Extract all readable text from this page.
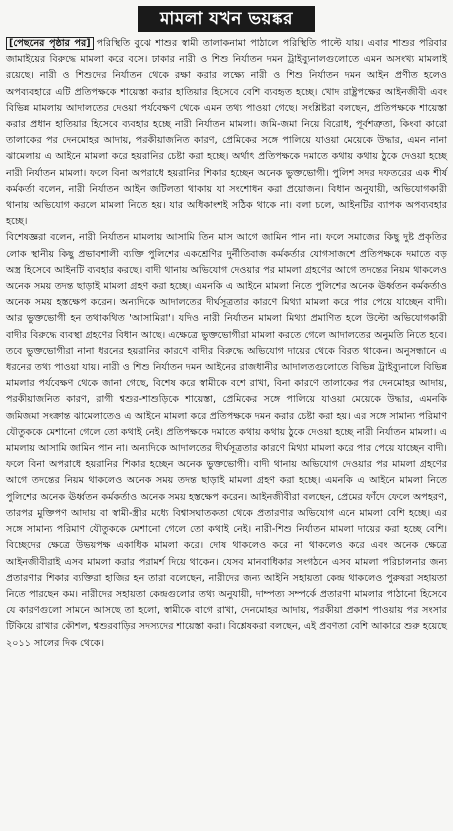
মামলা যখন ভয়ঙ্কর

[পেছনের পৃষ্ঠার পর] পরিস্থিতি বুঝে শাশুর স্বামী তালাকনামা পাঠালে পরিস্থিতি পাল্টে যায়। এবার শাশুর পরিবার জামাইয়ের বিরুদ্ধে মামলা করে বসে। ঢাকার নারী ও শিশু নির্যাতন দমন ট্রাইব্যুনালগুলোতে এমন অসংখ্য মামলাই রয়েছে। নারী ও শিশুদের নির্যাতন থেকে রক্ষা করার লক্ষ্যে নারী ও শিশু নির্যাতন দমন আইন প্রণীত হলেও অপব্যবহারে এটি প্রতিপক্ষকে শায়েস্তা করার হাতিয়ার হিসেবে বেশি ব্যবহৃত হচ্ছে। খোদ রাষ্ট্রপক্ষের আইনজীবী এবং বিভিন্ন মামলায় আদালতের দেওয়া পর্যবেক্ষণ থেকে এমন তথ্য পাওয়া গেছে। সংশ্লিষ্টরা বলছেন, প্রতিপক্ষকে শায়েস্তা করার প্রধান হাতিয়ার হিসেবে ব্যবহার হচ্ছে নারী নির্যাতন মামলা। জমি-জমা নিয়ে বিরোধ, পূর্বশত্রুতা, কিংবা কারো তালাকের পর দেনমোহর আদায়, পরকীয়াজনিত কারণ, প্রেমিকের সঙ্গে পালিয়ে যাওয়া মেয়েকে উদ্ধার, এমন নানা ঝামেলায় এ আইনে মামলা করে হয়রানির চেষ্টা করা হচ্ছে। অর্থাৎ প্রতিপক্ষকে দমাতে কথায় কথায় ঠুকে দেওয়া হচ্ছে নারী নির্যাতন মামলা। ফলে বিনা অপরাধে হয়রানির শিকার হচ্ছেন অনেক ভুক্তভোগী। পুলিশ সদর দফতরের এক শীর্ষ কর্মকর্তা বলেন, নারী নির্যাতন আইন জটিলতা থাকায় যা সংশোধন করা প্রয়োজন। বিধান অনুযায়ী, অভিযোগকারী থানায় অভিযোগ করলে মামলা নিতে হয়। যার অধিকাংশই সঠিক থাকে না। বলা চলে, আইনটির ব্যাপক অপব্যবহার হচ্ছে।

বিশেষজ্ঞরা বলেন, নারী নির্যাতন মামলায় আসামি তিন মাস আগে জামিন পান না। ফলে সমাজের কিছু দুষ্ট প্রকৃতির লোক স্থানীয় কিছু প্রভাবশালী ব্যক্তি পুলিশের একশ্রেণির দুর্নীতিবাজ কর্মকর্তার যোগসাজশে প্রতিপক্ষকে দমাতে বড় অস্ত্র হিসেবে আইনটি ব্যবহার করছে। বাদী থানায় অভিযোগ দেওয়ার পর মামলা গ্রহণের আগে তদন্তের নিয়ম থাকলেও অনেক সময় তদন্ত ছাড়াই মামলা গ্রহণ করা হচ্ছে। এমনকি এ আইনে মামলা নিতে পুলিশের অনেক ঊর্ধ্বতন কর্মকর্তাও অনেক সময় হস্তক্ষেপ করেন। অন্যদিকে আদালতের দীর্ঘসূত্রতার কারণে মিথ্যা মামলা করে পার পেয়ে যাচ্ছেন বাদী। আর ভুক্তভোগী হন তথাকথিত 'আসামিরা'। যদিও নারী নির্যাতন মামলা মিথ্যা প্রমাণিত হলে উল্টো অভিযোগকারী বাদীর বিরুদ্ধে ব্যবস্থা গ্রহণের বিধান আছে। এক্ষেত্রে ভুক্তভোগীরা মামলা করতে গেলে আদালতের অনুমতি নিতে হবে। তবে ভুক্তভোগীরা নানা ধরনের হয়রানির কারণে বাদীর বিরুদ্ধে অভিযোগ দায়ের থেকে বিরত থাকেন। অনুসন্ধানে এ ধরনের তথ্য পাওয়া যায়। নারী ও শিশু নির্যাতন দমন আইনের রাজধানীর আদালতগুলোতে বিভিন্ন ট্রাইব্যুনালে বিভিন্ন মামলার পর্যবেক্ষণ থেকে জানা গেছে, বিশেষ করে স্বামীকে বশে রাখা, বিনা কারণে তালাকের পর দেনমোহর আদায়, পরকীয়াজনিত কারণ, রাগী শ্বশুর-শাশুড়িকে শায়েস্তা, প্রেমিকের সঙ্গে পালিয়ে যাওয়া মেয়েকে উদ্ধার, এমনকি জমিজমা সংক্রান্ত ঝামেলাতেও এ আইনে মামলা করে প্রতিপক্ষকে দমন করার চেষ্টা করা হয়। এর সঙ্গে সামান্য পরিমাণ যৌতুককে মেশানো গেলে তো কথাই নেই। প্রতিপক্ষকে দমাতে কথায় কথায় ঠুকে দেওয়া হচ্ছে নারী নির্যাতন মামলা। এ মামলায় আসামি জামিন পান না। অন্যদিকে আদালতের দীর্ঘসূত্রতার কারণে মিথ্যা মামলা করে পার পেয়ে যাচ্ছেন বাদী। ফলে বিনা অপরাধে হয়রানির শিকার হচ্ছেন অনেক ভুক্তভোগী। বাদী থানায় অভিযোগ দেওয়ার পর মামলা গ্রহণের আগে তদন্তের নিয়ম থাকলেও অনেক সময় তদন্ত ছাড়াই মামলা গ্রহণ করা হচ্ছে। এমনকি এ আইনে মামলা নিতে পুলিশের অনেক ঊর্ধ্বতন কর্মকর্তাও অনেক সময় হস্তক্ষেপ করেন। আইনজীবীরা বলছেন, প্রেমের ফাঁদে ফেলে অপহরণ, তারপর মুক্তিপণ আদায় বা স্বামী-স্ত্রীর মধ্যে বিশ্বাসঘাতকতা থেকে প্রতারণার অভিযোগ এনে মামলা বেশি হচ্ছে। এর সঙ্গে সামান্য পরিমাণ যৌতুককে মেশানো গেলে তো কথাই নেই। নারী-শিশু নির্যাতন মামলা দায়ের করা হচ্ছে বেশি। বিচ্ছেদের ক্ষেত্রে উভয়পক্ষ একাধিক মামলা করে। দোষ থাকলেও করে না থাকলেও করে এবং অনেক ক্ষেত্রে আইনজীবীরাই এসব মামলা করার পরামর্শ দিয়ে থাকেন। যেসব মানবাধিকার সংগঠনে এসব মামলা পরিচালনার জন্য প্রতারণার শিকার ব্যক্তিরা হাজির হন তারা বলেছেন, নারীদের জন্য আইনি সহায়তা কেন্দ্র থাকলেও পুরুষরা সহায়তা নিতে পারছেন কম। নারীদের সহায়তা কেন্দ্রগুলোর তথ্য অনুযায়ী, দাম্পত্য সম্পর্কে প্রতারণা মামলার পাঠানো হিসেবে যে কারণগুলো সামনে আসছে তা হলো, স্বামীকে বাগে রাখা, দেনমোহর আদায়, পরকীয়া প্রকাশ পাওয়ায় পর সংসার টিকিয়ে রাখার কৌশল, শ্বশুরবাড়ির সদস্যদের শায়েস্তা করা। বিশ্লেষকরা বলছেন, এই প্রবণতা বেশি আকারে শুরু হয়েছে ২০১১ সালের দিক থেকে।
